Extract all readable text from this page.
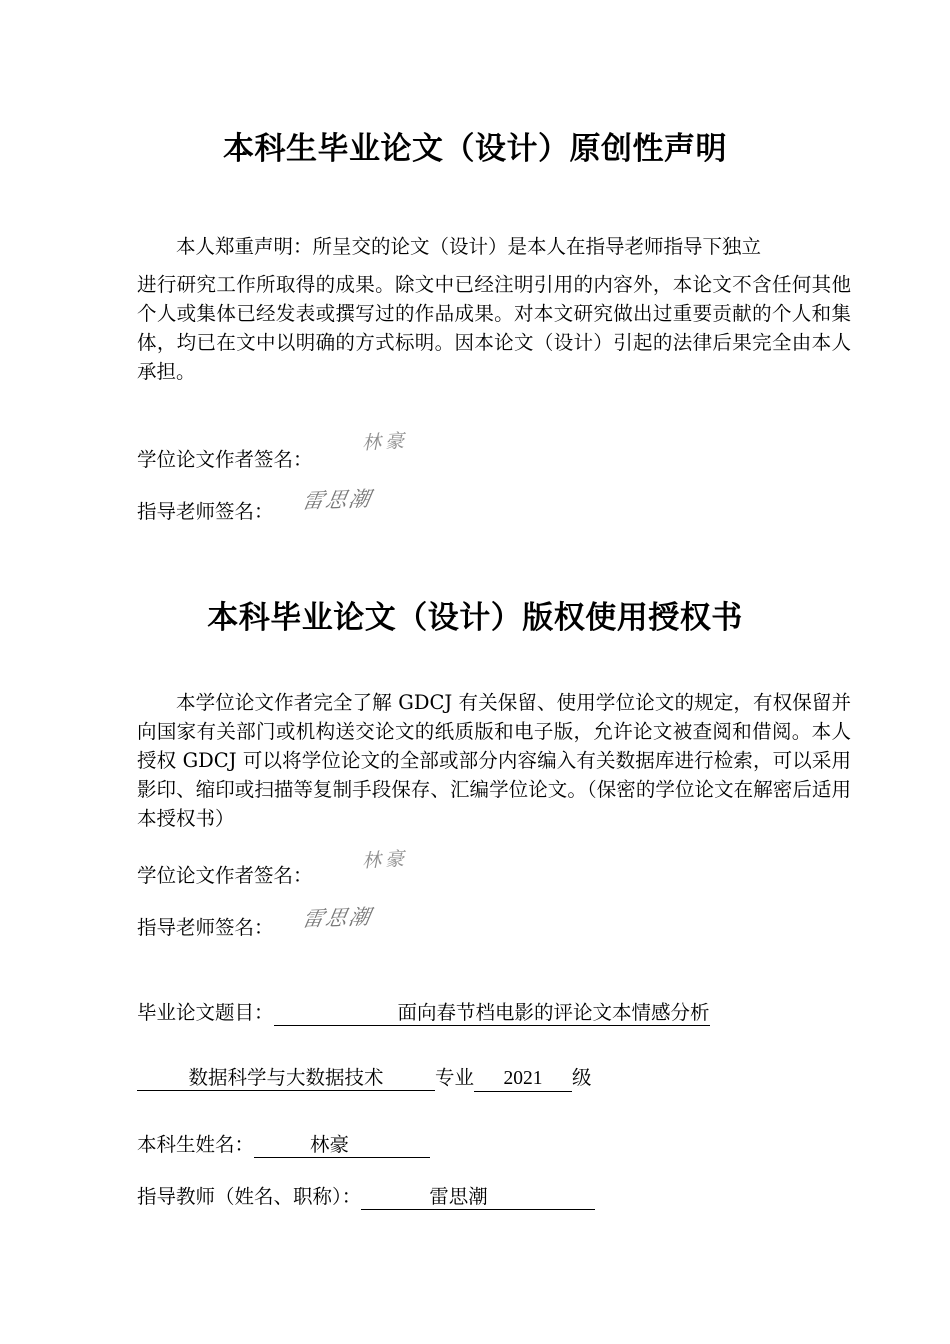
本科生毕业论文（设计）原创性声明
本人郑重声明：所呈交的论文（设计）是本人在指导老师指导下独立
进行研究工作所取得的成果。除文中已经注明引用的内容外，本论文不含任何其他个人或集体已经发表或撰写过的作品成果。对本文研究做出过重要贡献的个人和集体，均已在文中以明确的方式标明。因本论文（设计）引起的法律后果完全由本人承担。
学位论文作者签名：
林豪
指导老师签名： 雷思潮
本科毕业论文（设计）版权使用授权书
本学位论文作者完全了解 GDCJ 有关保留、使用学位论文的规定，有权保留并向国家有关部门或机构送交论文的纸质版和电子版，允许论文被查阅和借阅。本人授权 GDCJ 可以将学位论文的全部或部分内容编入有关数据库进行检索，可以采用影印、缩印或扫描等复制手段保存、汇编学位论文。（保密的学位论文在解密后适用本授权书）
学位论文作者签名：
林豪
指导老师签名： 雷思潮
毕业论文题目：	面向春节档电影的评论文本情感分析
数据科学与大数据技术	专业 2021 级
本科生姓名：	林豪
指导教师（姓名、职称）：	雷思潮
